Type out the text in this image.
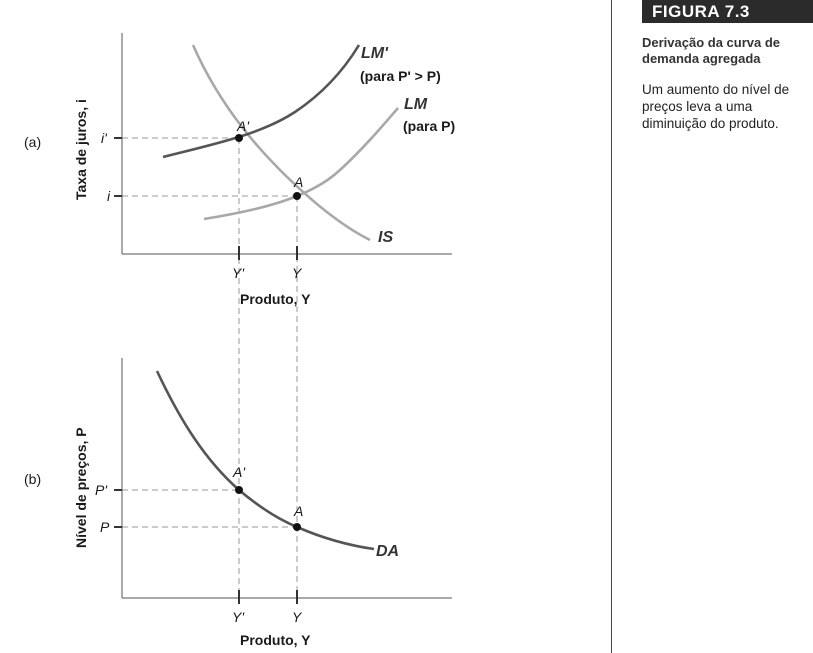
(a) Taxa de juros, i i'
i
Y'	Y
Produto, Y
A'
A
LM'
(para P' > P)
LM
(para P)
IS
(b) Nível de preços, P P'
P
Y'	Y
Produto, Y
A'
A
DA
FIGURA 7.3
Derivação da curva de demanda agregada
Um aumento do nível de preços leva a uma diminuição do produto.
